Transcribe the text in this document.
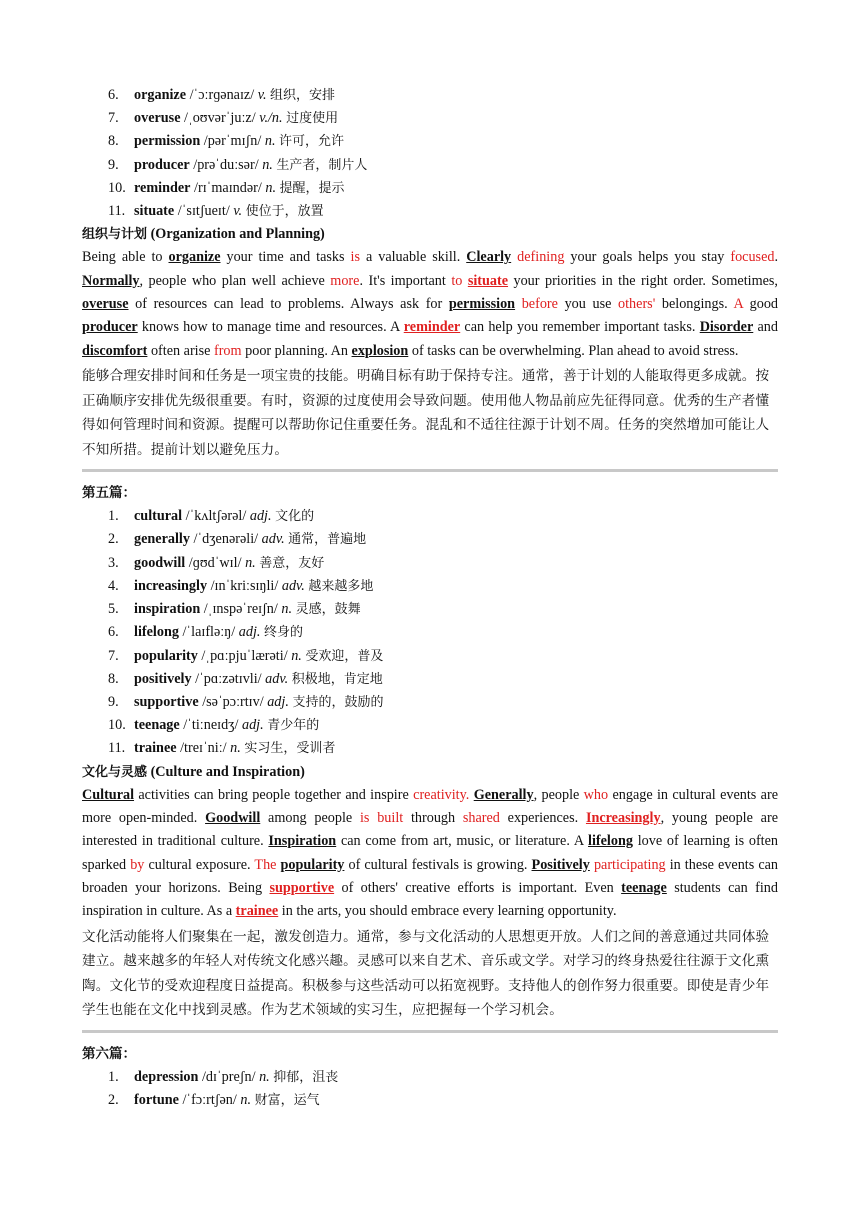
6.	organize /ˈɔːrɡənaɪz/ v. 组织，安排
7.	overuse /ˌoʊvərˈjuːz/ v./n. 过度使用
8.	permission /pərˈmɪʃn/ n. 许可，允许
9.	producer /prəˈduːsər/ n. 生产者，制片人
10. reminder /rɪˈmaɪndər/ n. 提醒，提示
11. situate /ˈsɪtʃueɪt/ v. 使位于，放置
组织与计划 (Organization and Planning)
Being able to organize your time and tasks is a valuable skill. Clearly defining your goals helps you stay focused. Normally, people who plan well achieve more. It's important to situate your priorities in the right order. Sometimes, overuse of resources can lead to problems. Always ask for permission before you use others' belongings. A good producer knows how to manage time and resources. A reminder can help you remember important tasks. Disorder and discomfort often arise from poor planning. An explosion of tasks can be overwhelming. Plan ahead to avoid stress.
能够合理安排时间和任务是一项宝贵的技能。明确目标有助于保持专注。通常，善于计划的人能取得更多成就。按正确顺序安排优先级很重要。有时，资源的过度使用会导致问题。使用他人物品前应先征得同意。优秀的生产者懂得如何管理时间和资源。提醒可以帮助你记住重要任务。混乱和不适往往源于计划不周。任务的突然增加可能让人不知所措。提前计划以避免压力。
第五篇：
1.	cultural /ˈkʌltʃərəl/ adj. 文化的
2.	generally /ˈdʒenərəli/ adv. 通常，普遍地
3.	goodwill /ɡʊdˈwɪl/ n. 善意，友好
4.	increasingly /ɪnˈkriːsɪŋli/ adv. 越来越多地
5.	inspiration /ˌɪnspəˈreɪʃn/ n. 灵感，鼓舞
6.	lifelong /ˈlaɪfləːŋ/ adj. 终身的
7.	popularity /ˌpɑːpjuˈlærəti/ n. 受欢迎，普及
8.	positively /ˈpɑːzətɪvli/ adv. 积极地，肯定地
9.	supportive /səˈpɔːrtɪv/ adj. 支持的，鼓励的
10. teenage /ˈtiːneɪdʒ/ adj. 青少年的
11. trainee /treɪˈniː/ n. 实习生，受训者
文化与灵感 (Culture and Inspiration)
Cultural activities can bring people together and inspire creativity. Generally, people who engage in cultural events are more open-minded. Goodwill among people is built through shared experiences. Increasingly, young people are interested in traditional culture. Inspiration can come from art, music, or literature. A lifelong love of learning is often sparked by cultural exposure. The popularity of cultural festivals is growing. Positively participating in these events can broaden your horizons. Being supportive of others' creative efforts is important. Even teenage students can find inspiration in culture. As a trainee in the arts, you should embrace every learning opportunity.
文化活动能将人们聚集在一起，激发创造力。通常，参与文化活动的人思想更开放。人们之间的善意通过共同体验建立。越来越多的年轻人对传统文化感兴趣。灵感可以来自艺术、音乐或文学。对学习的终身热爱往往源于文化熏陶。文化节的受欢迎程度日益提高。积极参与这些活动可以拓宽视野。支持他人的创作努力很重要。即使是青少年学生也能在文化中找到灵感。作为艺术领域的实习生，应把握每一个学习机会。
第六篇：
1.	depression /dɪˈpreʃn/ n. 抑郁，沮丧
2.	fortune /ˈfɔːrtʃən/ n. 财富，运气
